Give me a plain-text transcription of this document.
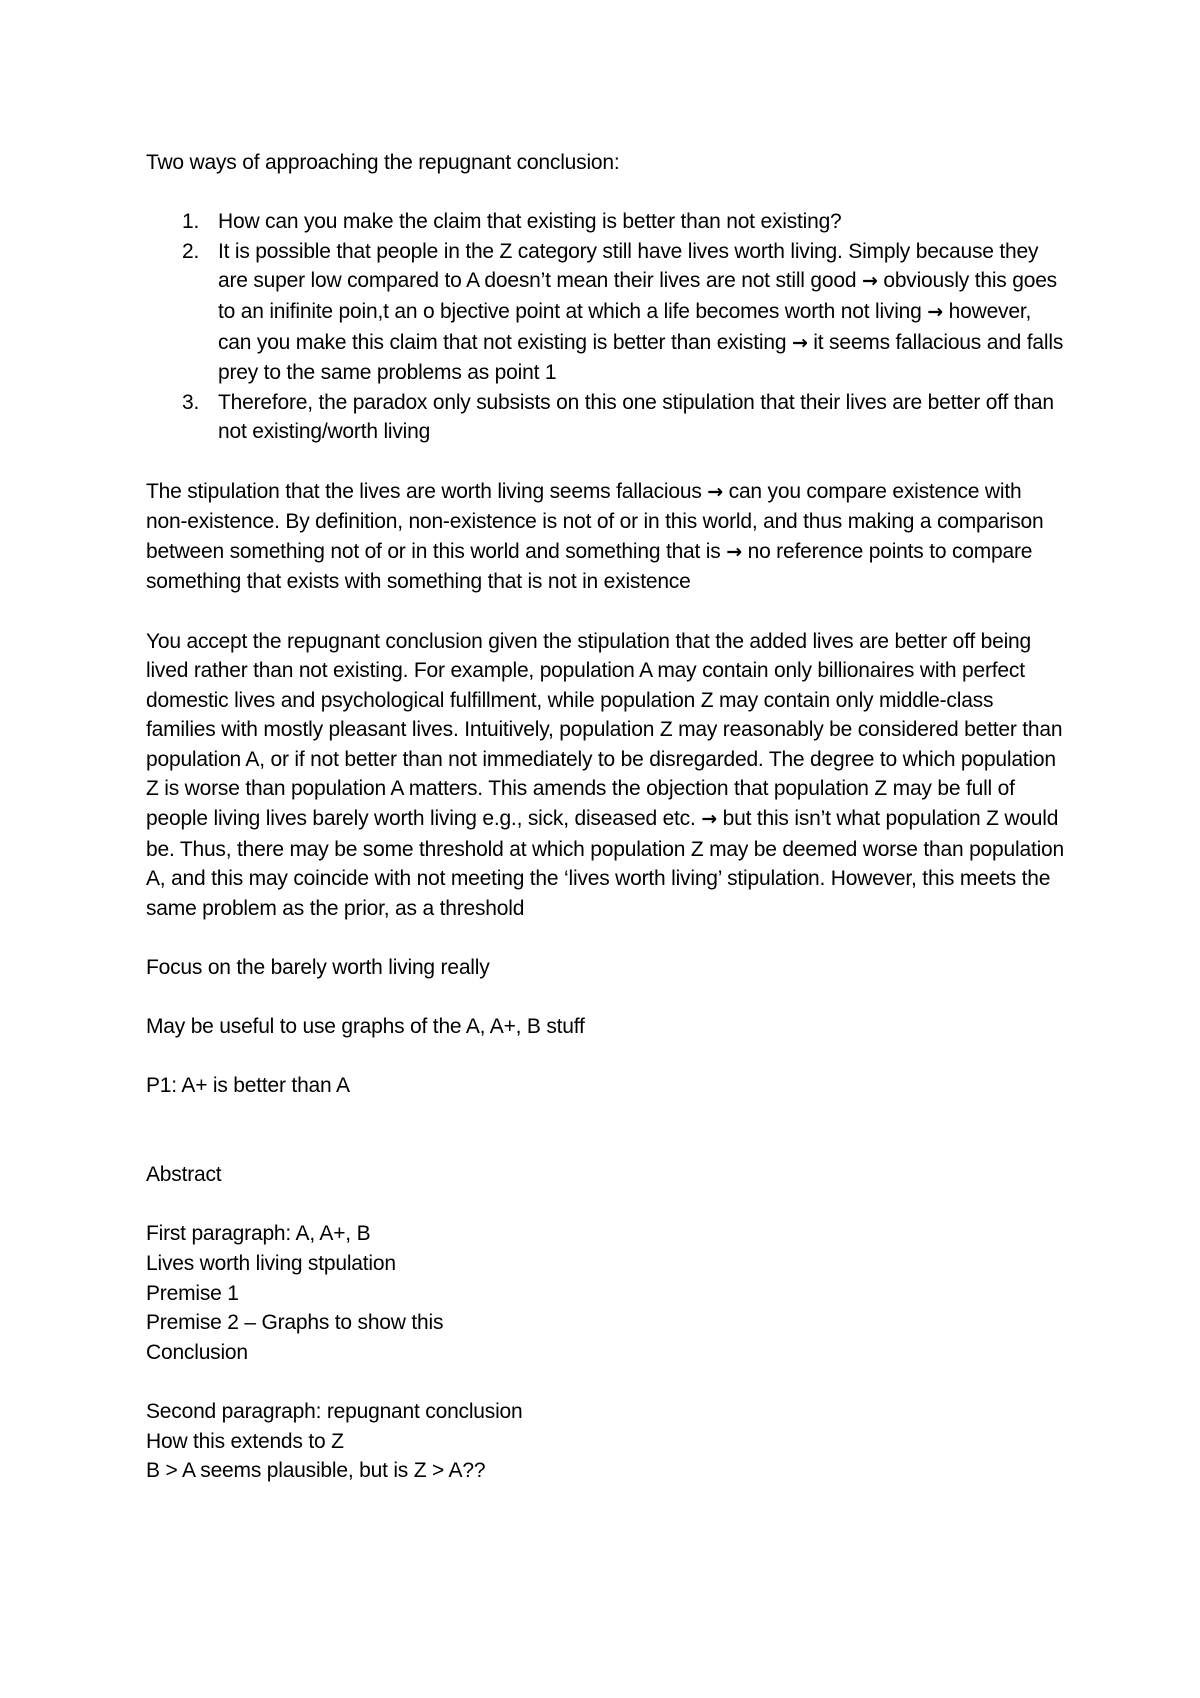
Two ways of approaching the repugnant conclusion:

1. How can you make the claim that existing is better than not existing?
2. It is possible that people in the Z category still have lives worth living. Simply because they are super low compared to A doesn’t mean their lives are not still good → obviously this goes to an inifinite poin,t an o bjective point at which a life becomes worth not living → however, can you make this claim that not existing is better than existing → it seems fallacious and falls prey to the same problems as point 1
3. Therefore, the paradox only subsists on this one stipulation that their lives are better off than not existing/worth living

The stipulation that the lives are worth living seems fallacious → can you compare existence with non-existence. By definition, non-existence is not of or in this world, and thus making a comparison between something not of or in this world and something that is → no reference points to compare something that exists with something that is not in existence

You accept the repugnant conclusion given the stipulation that the added lives are better off being lived rather than not existing. For example, population A may contain only billionaires with perfect domestic lives and psychological fulfillment, while population Z may contain only middle-class families with mostly pleasant lives. Intuitively, population Z may reasonably be considered better than population A, or if not better than not immediately to be disregarded. The degree to which population Z is worse than population A matters. This amends the objection that population Z may be full of people living lives barely worth living e.g., sick, diseased etc. → but this isn’t what population Z would be. Thus, there may be some threshold at which population Z may be deemed worse than population A, and this may coincide with not meeting the ‘lives worth living’ stipulation. However, this meets the same problem as the prior, as a threshold

Focus on the barely worth living really

May be useful to use graphs of the A, A+, B stuff

P1: A+ is better than A

Abstract

First paragraph: A, A+, B

Lives worth living stpulation

Premise 1

Premise 2 – Graphs to show this

Conclusion

Second paragraph: repugnant conclusion

How this extends to Z

B > A seems plausible, but is Z > A??
